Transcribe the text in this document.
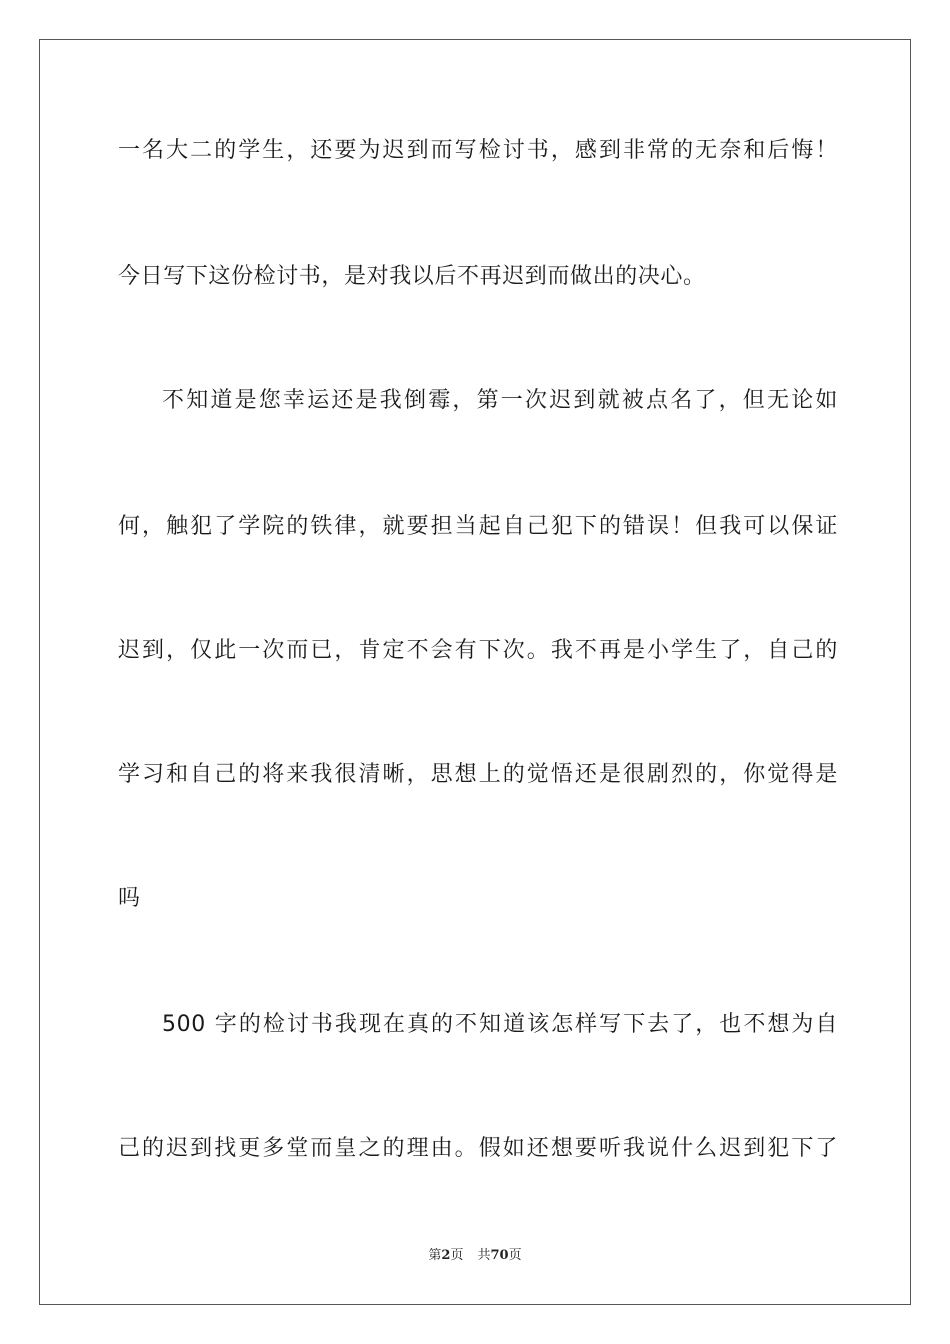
一名大二的学生，还要为迟到而写检讨书，感到非常的无奈和后悔！
今日写下这份检讨书，是对我以后不再迟到而做出的决心。
不知道是您幸运还是我倒霉，第一次迟到就被点名了，但无论如
何，触犯了学院的铁律，就要担当起自己犯下的错误！但我可以保证
迟到，仅此一次而已，肯定不会有下次。我不再是小学生了，自己的
学习和自己的将来我很清晰，思想上的觉悟还是很剧烈的，你觉得是
吗
500 字的检讨书我现在真的不知道该怎样写下去了，也不想为自
己的迟到找更多堂而皇之的理由。假如还想要听我说什么迟到犯下了
第2页 共70页
